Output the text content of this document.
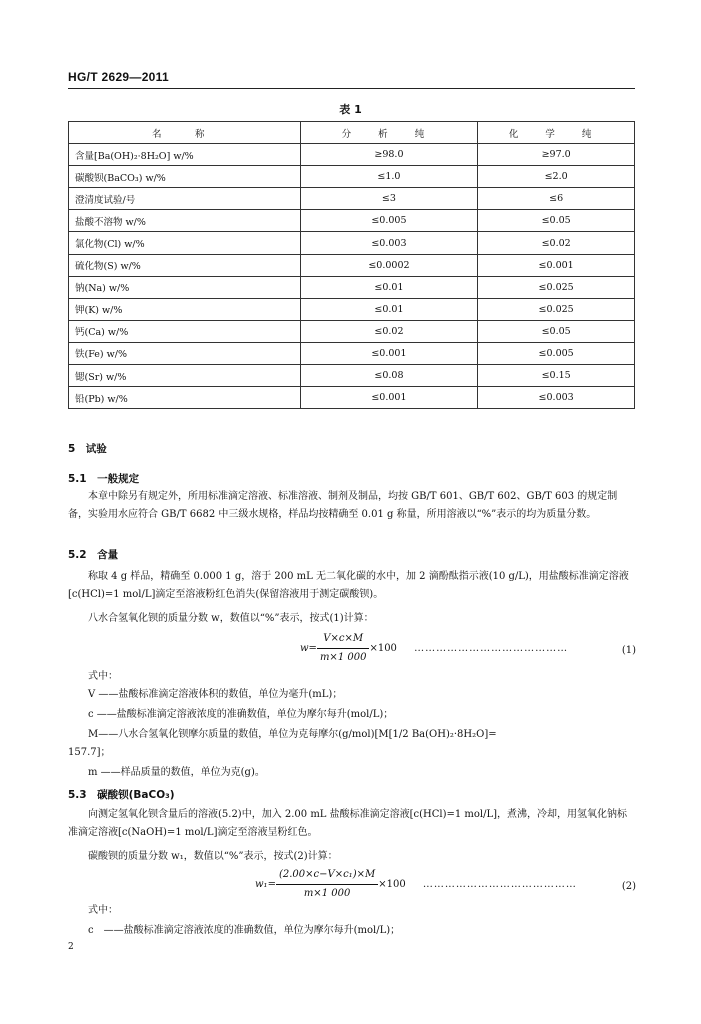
HG/T 2629—2011
表 1
名　称	分 析 纯	化 学 纯
含量[Ba(OH)₂·8H₂O] w/%	≥98.0	≥97.0
碳酸钡(BaCO₃) w/%	≤1.0	≤2.0
澄清度试验/号	≤3	≤6
盐酸不溶物 w/%	≤0.005	≤0.05
氯化物(Cl) w/%	≤0.003	≤0.02
硫化物(S) w/%	≤0.0002	≤0.001
钠(Na) w/%	≤0.01	≤0.025
钾(K) w/%	≤0.01	≤0.025
钙(Ca) w/%	≤0.02	≤0.05
铁(Fe) w/%	≤0.001	≤0.005
锶(Sr) w/%	≤0.08	≤0.15
铅(Pb) w/%	≤0.001	≤0.003
5　试验
5.1　一般规定
本章中除另有规定外，所用标准滴定溶液、标准溶液、制剂及制品，均按 GB/T 601、GB/T 602、GB/T 603 的规定制备，实验用水应符合 GB/T 6682 中三级水规格，样品均按精确至 0.01 g 称量，所用溶液以“%”表示的均为质量分数。
5.2　含量
称取 4 g 样品，精确至 0.000 1 g，溶于 200 mL 无二氧化碳的水中，加 2 滴酚酞指示液(10 g/L)，用盐酸标准滴定溶液[c(HCl)=1 mol/L]滴定至溶液粉红色消失(保留溶液用于测定碳酸钡)。
八水合氢氧化钡的质量分数 w，数值以“%”表示，按式(1)计算：
$w= \frac{V\times c\times M}{m\times 1 000} \times 100$ ……………………………………	(1)
式中：
V ——盐酸标准滴定溶液体积的数值，单位为毫升(mL)；
c ——盐酸标准滴定溶液浓度的准确数值，单位为摩尔每升(mol/L)；
M——八水合氢氧化钡摩尔质量的数值，单位为克每摩尔(g/mol)[M[1/2 Ba(OH)₂·8H₂O]=
157.7]；
m ——样品质量的数值，单位为克(g)。
5.3　碳酸钡(BaCO₃)
向测定氢氧化钡含量后的溶液(5.2)中，加入 2.00 mL 盐酸标准滴定溶液[c(HCl)=1 mol/L]，煮沸，冷却，用氢氧化钠标准滴定溶液[c(NaOH)=1 mol/L]滴定至溶液呈粉红色。
碳酸钡的质量分数 w₁，数值以“%”表示，按式(2)计算：
$w_1= \frac{\text{(2.00×c−V×c₁)×M}}{m\times 1 000} \times 100$ ……………………………………	(2)
式中：
c　——盐酸标准滴定溶液浓度的准确数值，单位为摩尔每升(mol/L)；
2
